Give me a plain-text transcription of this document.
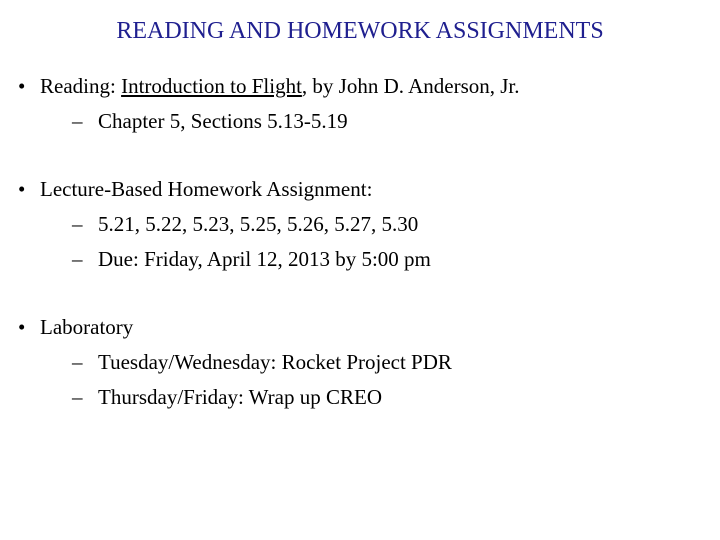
READING AND HOMEWORK ASSIGNMENTS
• Reading: Introduction to Flight, by John D. Anderson, Jr.
– Chapter 5, Sections 5.13-5.19
• Lecture-Based Homework Assignment:
– 5.21, 5.22, 5.23, 5.25, 5.26, 5.27, 5.30
– Due: Friday, April 12, 2013 by 5:00 pm
• Laboratory
– Tuesday/Wednesday: Rocket Project PDR
– Thursday/Friday: Wrap up CREO
